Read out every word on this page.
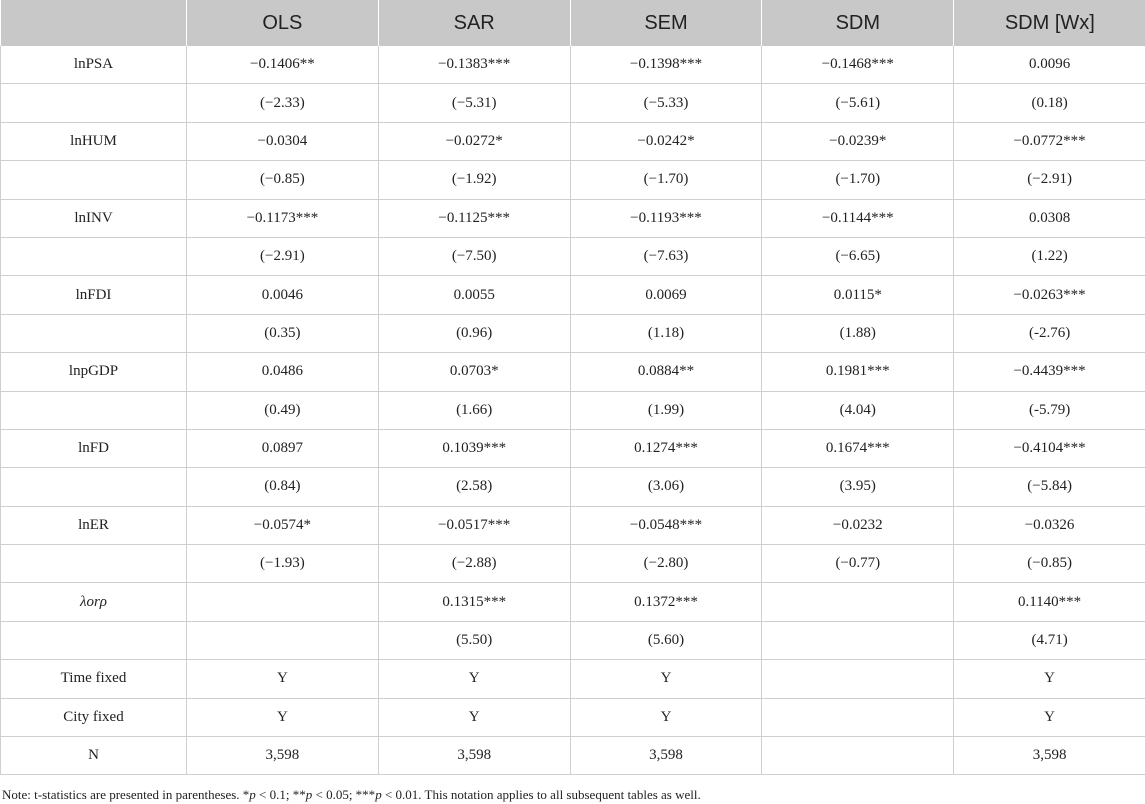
	OLS	SAR	SEM	SDM	SDM [Wx]
lnPSA	−0.1406**	−0.1383***	−0.1398***	−0.1468***	0.0096
	(−2.33)	(−5.31)	(−5.33)	(−5.61)	(0.18)
lnHUM	−0.0304	−0.0272*	−0.0242*	−0.0239*	−0.0772***
	(−0.85)	(−1.92)	(−1.70)	(−1.70)	(−2.91)
lnINV	−0.1173***	−0.1125***	−0.1193***	−0.1144***	0.0308
	(−2.91)	(−7.50)	(−7.63)	(−6.65)	(1.22)
lnFDI	0.0046	0.0055	0.0069	0.0115*	−0.0263***
	(0.35)	(0.96)	(1.18)	(1.88)	(-2.76)
lnpGDP	0.0486	0.0703*	0.0884**	0.1981***	−0.4439***
	(0.49)	(1.66)	(1.99)	(4.04)	(-5.79)
lnFD	0.0897	0.1039***	0.1274***	0.1674***	−0.4104***
	(0.84)	(2.58)	(3.06)	(3.95)	(−5.84)
lnER	−0.0574*	−0.0517***	−0.0548***	−0.0232	−0.0326
	(−1.93)	(−2.88)	(−2.80)	(−0.77)	(−0.85)
λorρ		0.1315***	0.1372***		0.1140***
		(5.50)	(5.60)		(4.71)
Time fixed	Y	Y	Y		Y
City fixed	Y	Y	Y		Y
N	3,598	3,598	3,598		3,598
Note: t-statistics are presented in parentheses. *p < 0.1; **p < 0.05; ***p < 0.01. This notation applies to all subsequent tables as well.
